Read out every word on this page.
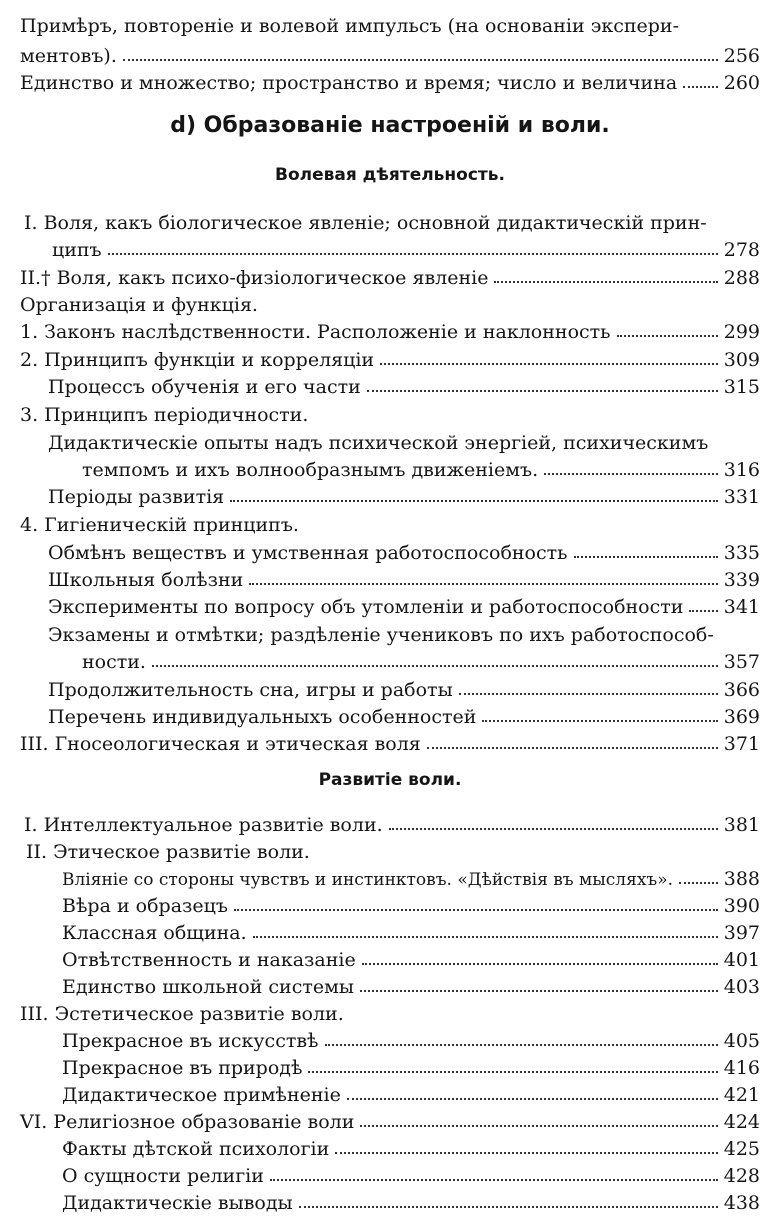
Примѣръ, повтореніе и волевой импульсъ (на основаніи экспери-
ментовъ).	256
Единство и множество; пространство и время; число и величина 260
d) Образованіе настроеній и воли.
Волевая дѣятельность.
I. Воля, какъ біологическое явленіе; основной дидактическій прин-
ципъ	278
II.† Воля, какъ психо-физіологическое явленіе	288
Организація и функція.
1. Законъ наслѣдственности. Расположеніе и наклонность	299
2. Принципъ функціи и корреляціи	309
Процессъ обученія и его части	315
3. Принципъ періодичности.
Дидактическіе опыты надъ психической энергіей, психическимъ
темпомъ и ихъ волнообразнымъ движеніемъ.	316
Періоды развитія	331
4. Гигіеническій принципъ.
Обмѣнъ веществъ и умственная работоспособность	335
Школьныя болѣзни	339
Эксперименты по вопросу объ утомленіи и работоспособности 341
Экзамены и отмѣтки; раздѣленіе учениковъ по ихъ работоспособ-
ности.	357
Продолжительность сна, игры и работы	366
Перечень индивидуальныхъ особенностей	369
III. Гносеологическая и этическая воля	371
Развитіе воли.
I. Интеллектуальное развитіе воли.	381
II. Этическое развитіе воли.
Вліяніе со стороны чувствъ и инстинктовъ. «Дѣйствія въ мысляхъ».	388
Вѣра и образецъ	390
Классная община.	397
Отвѣтственность и наказаніе	401
Единство школьной системы	403
III. Эстетическое развитіе воли.
Прекрасное въ искусствѣ	405
Прекрасное въ природѣ	416
Дидактическое примѣненіе	421
VI. Религіозное образованіе воли	424
Факты дѣтской психологіи	425
О сущности религіи	428
Дидактическіе выводы	438
